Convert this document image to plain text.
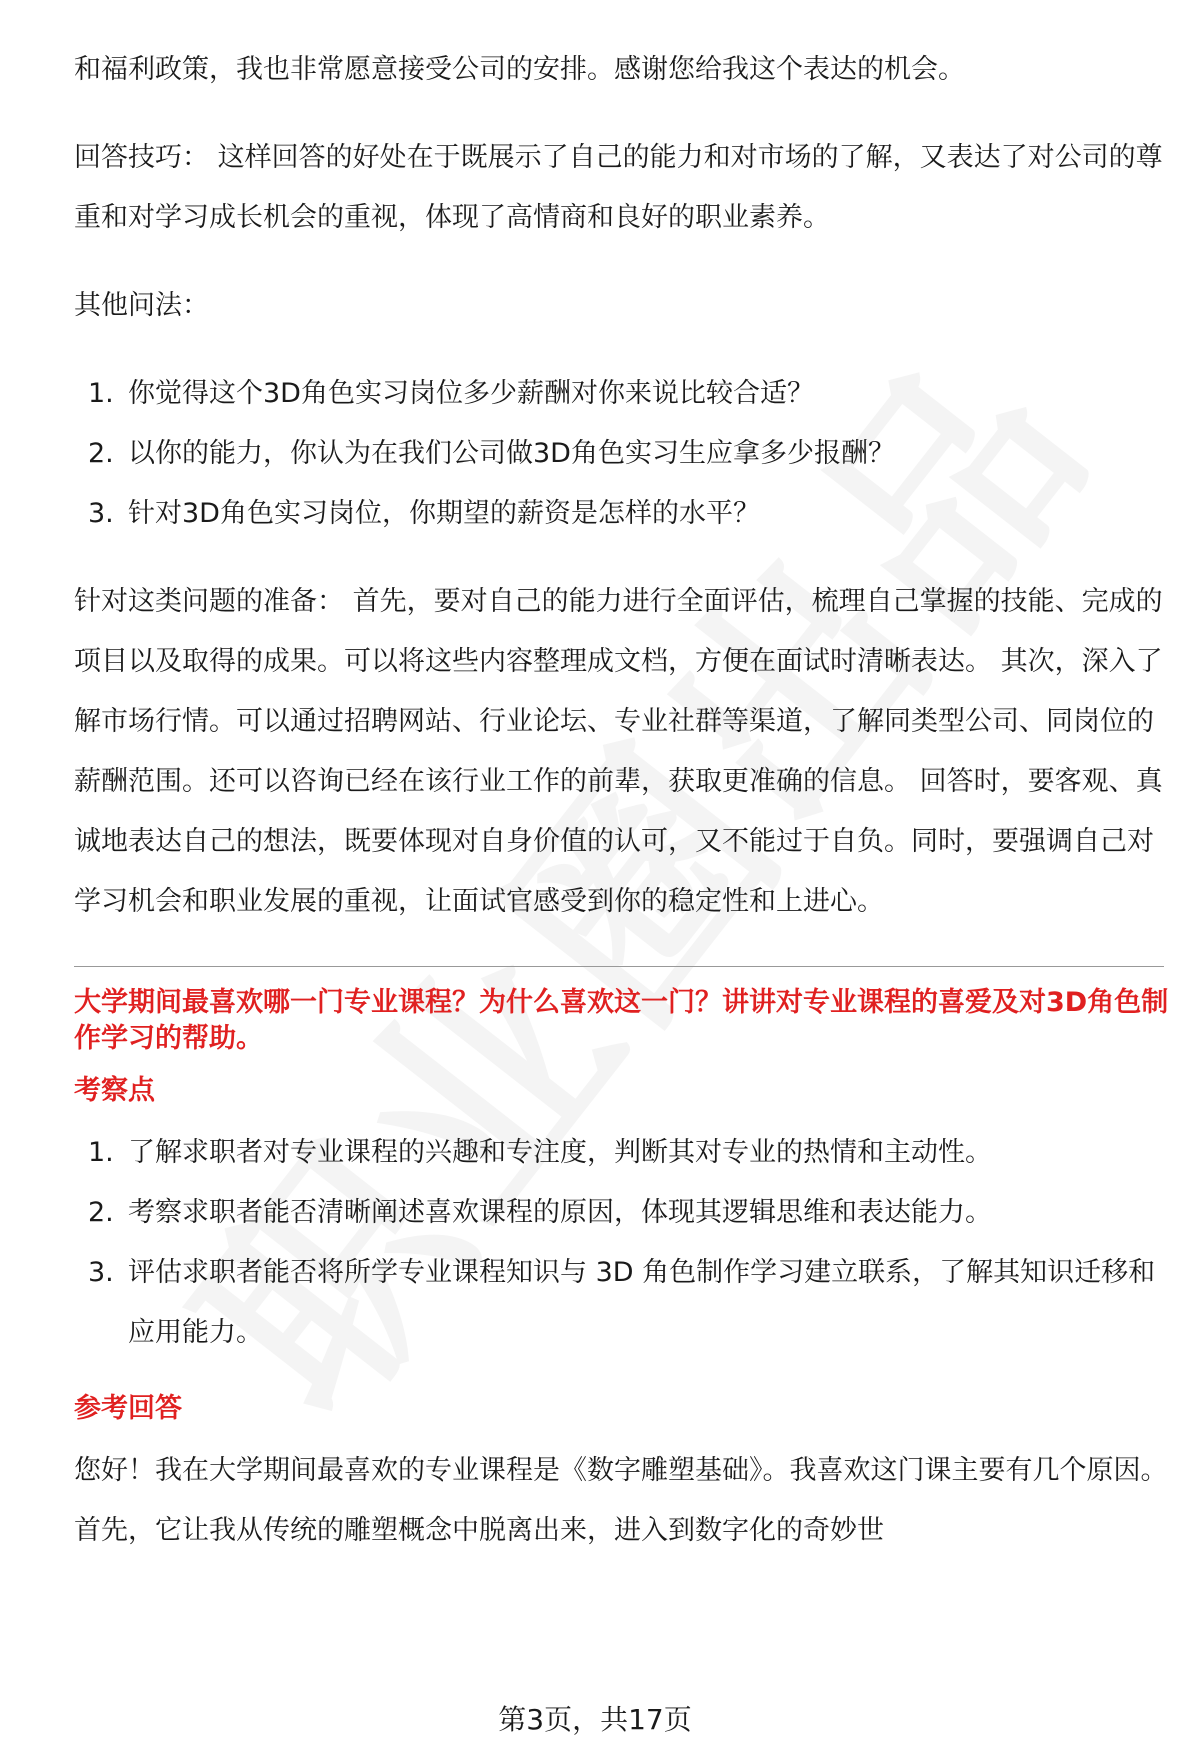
和福利政策，我也非常愿意接受公司的安排。感谢您给我这个表达的机会。

回答技巧： 这样回答的好处在于既展示了自己的能力和对市场的了解，又表达了对公司的尊重和对学习成长机会的重视，体现了高情商和良好的职业素养。

其他问法：

1. 你觉得这个3D角色实习岗位多少薪酬对你来说比较合适？
2. 以你的能力，你认为在我们公司做3D角色实习生应拿多少报酬？
3. 针对3D角色实习岗位，你期望的薪资是怎样的水平？

针对这类问题的准备： 首先，要对自己的能力进行全面评估，梳理自己掌握的技能、完成的项目以及取得的成果。可以将这些内容整理成文档，方便在面试时清晰表达。 其次，深入了解市场行情。可以通过招聘网站、行业论坛、专业社群等渠道，了解同类型公司、同岗位的薪酬范围。还可以咨询已经在该行业工作的前辈，获取更准确的信息。 回答时，要客观、真诚地表达自己的想法，既要体现对自身价值的认可，又不能过于自负。同时，要强调自己对学习机会和职业发展的重视，让面试官感受到你的稳定性和上进心。

大学期间最喜欢哪一门专业课程？为什么喜欢这一门？讲讲对专业课程的喜爱及对3D角色制作学习的帮助。
考察点
1. 了解求职者对专业课程的兴趣和专注度，判断其对专业的热情和主动性。
2. 考察求职者能否清晰阐述喜欢课程的原因，体现其逻辑思维和表达能力。
3. 评估求职者能否将所学专业课程知识与 3D 角色制作学习建立联系，了解其知识迁移和应用能力。
参考回答

您好！我在大学期间最喜欢的专业课程是《数字雕塑基础》。我喜欢这门课主要有几个原因。首先，它让我从传统的雕塑概念中脱离出来，进入到数字化的奇妙世

第3页，共17页
